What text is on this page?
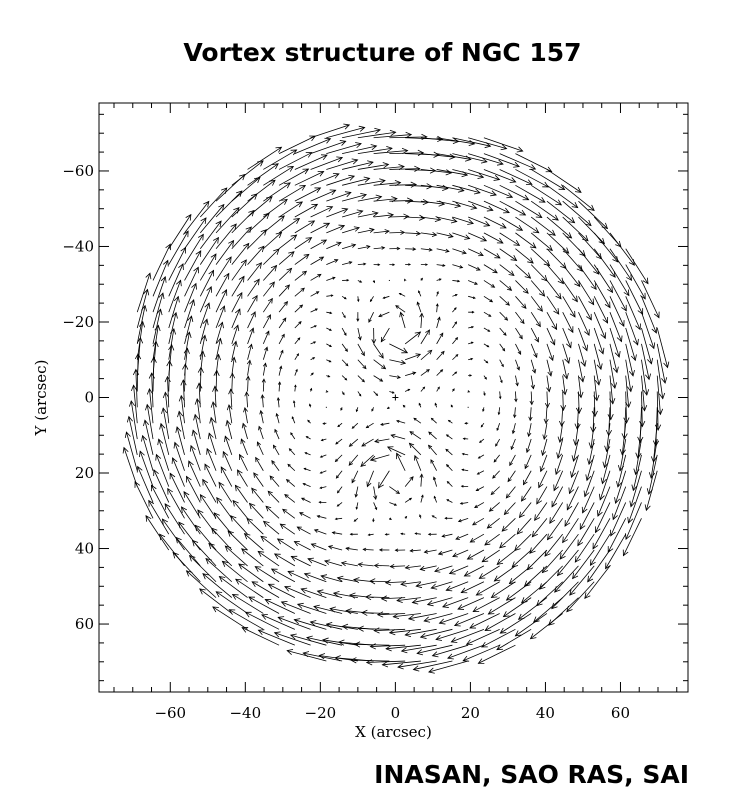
Vortex structure of NGC 157
−60	−40	−20	0	20	40	60
−60
−40
−20
0
20
40
60
X (arcsec)
Y (arcsec)
INASAN, SAO RAS, SAI
